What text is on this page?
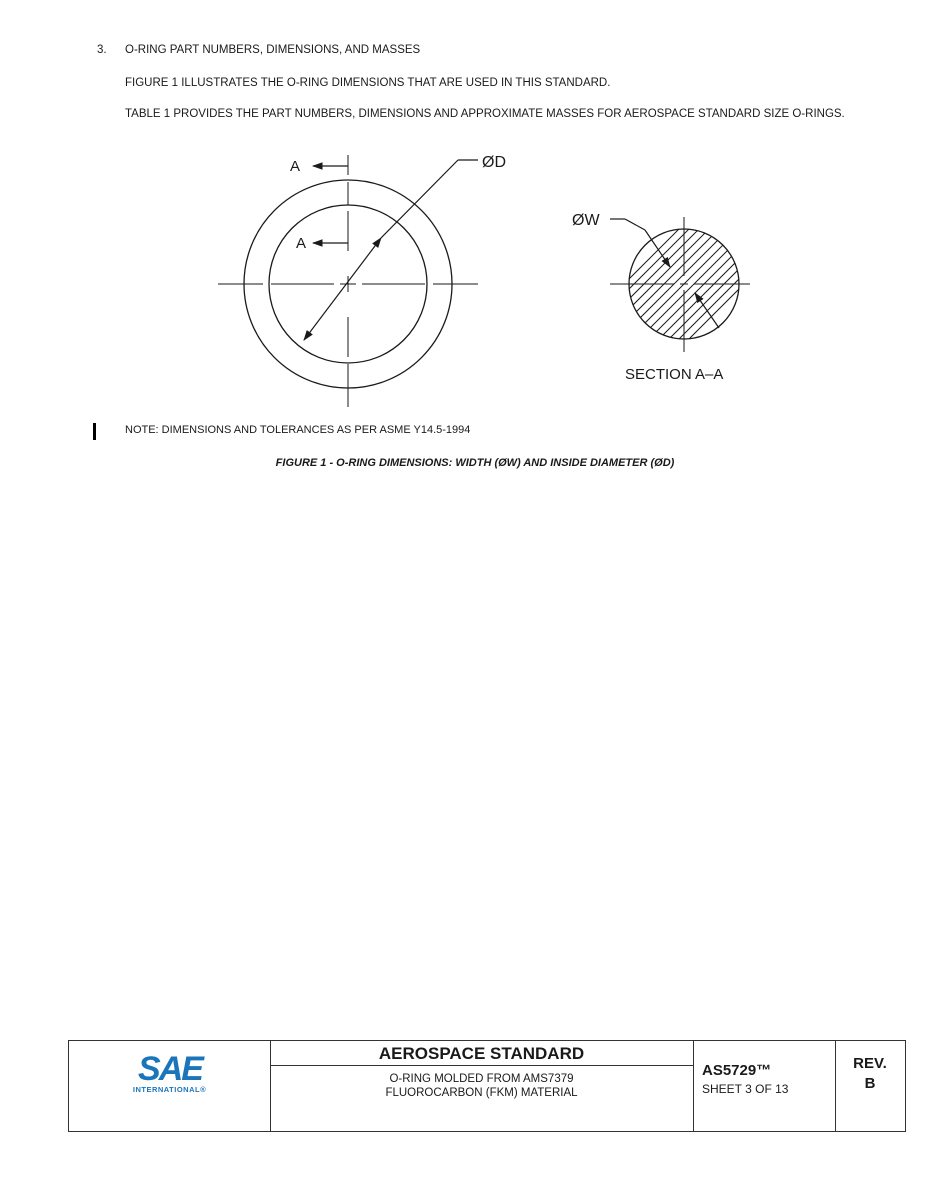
3. O-RING PART NUMBERS, DIMENSIONS, AND MASSES
FIGURE 1 ILLUSTRATES THE O-RING DIMENSIONS THAT ARE USED IN THIS STANDARD.
TABLE 1 PROVIDES THE PART NUMBERS, DIMENSIONS AND APPROXIMATE MASSES FOR AEROSPACE STANDARD SIZE O-RINGS.
A
A
ØD
ØW
SECTION A–A
NOTE: DIMENSIONS AND TOLERANCES AS PER ASME Y14.5-1994
FIGURE 1 - O-RING DIMENSIONS: WIDTH (ØW) AND INSIDE DIAMETER (ØD)
SAE
INTERNATIONAL®
AEROSPACE STANDARD
O-RING MOLDED FROM AMS7379
FLUOROCARBON (FKM) MATERIAL
AS5729™
SHEET 3 OF 13
REV.
B
